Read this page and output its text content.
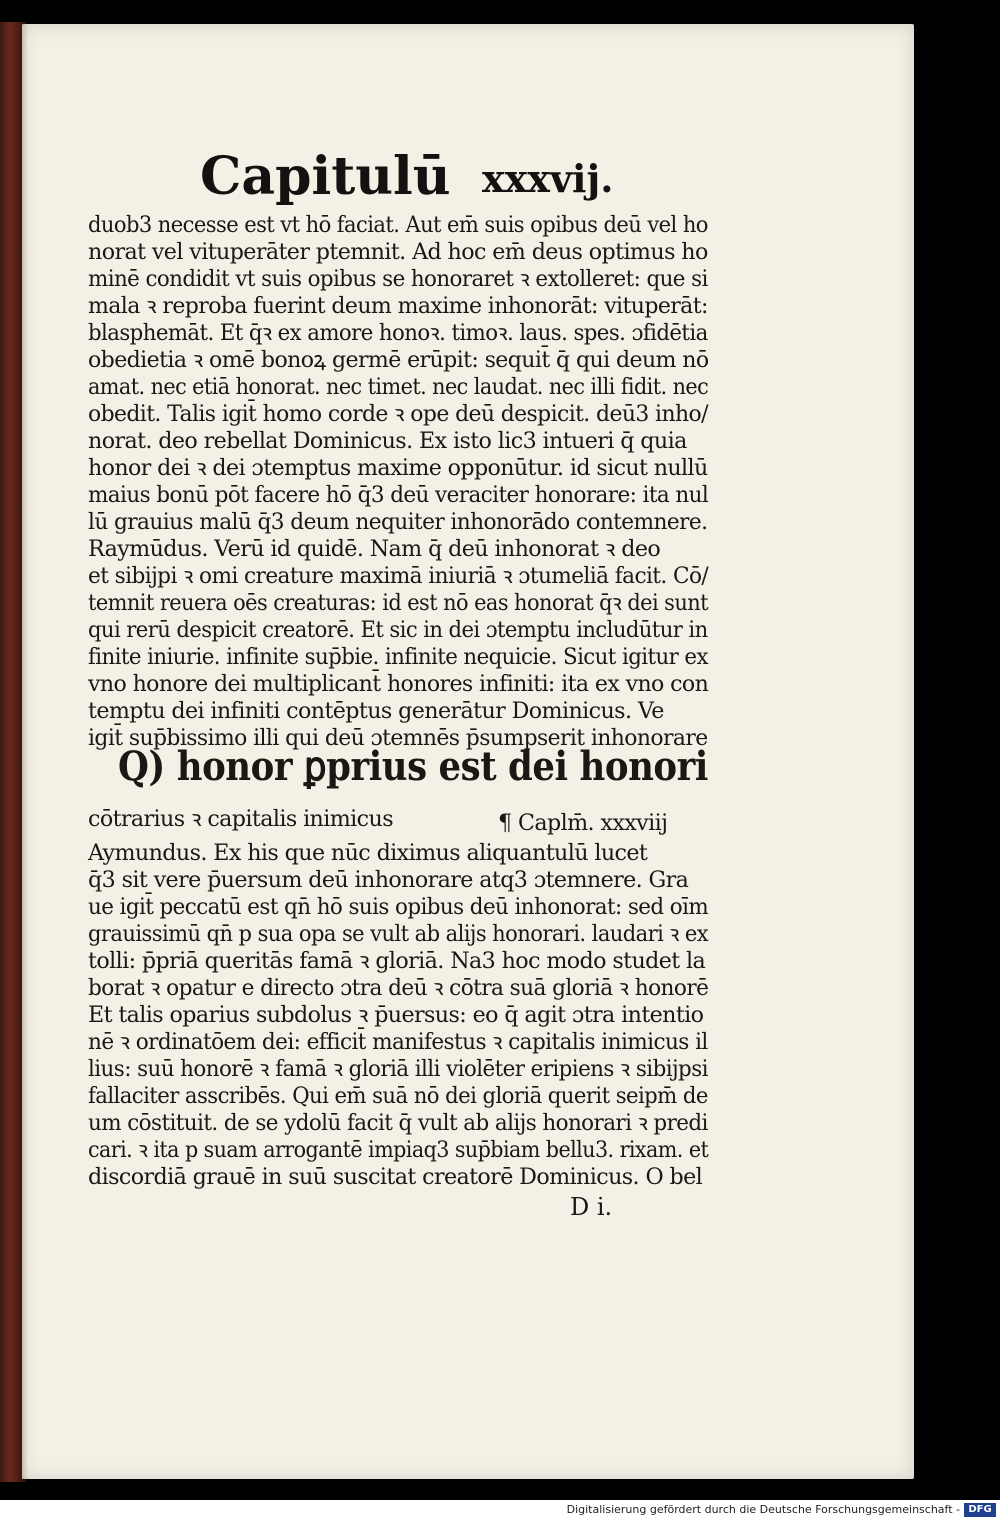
Capitulū xxxvij.
duob3 necesse est vt hō faciat. Aut em̄ suis opibus deū vel ho
norat vel vituperāter ptemnit. Ad hoc em̄ deus optimus ho
minē condidit vt suis opibus se honoraret ꝛ extolleret: que si
mala ꝛ reproba fuerint deum maxime inhonorāt: vituperāt:
blasphemāt. Et q̄ꝛ ex amore honoꝛ. timoꝛ. laus. spes. ɔfidētia
obedietia ꝛ omē bonoꝝ germē erūpit: sequit̄ q̄ qui deum nō
amat. nec etiā honorat. nec timet. nec laudat. nec illi fidit. nec
obedit. Talis igit̄ homo corde ꝛ ope deū despicit. deū3 inho/
norat. deo rebellat Dominicus. Ex isto lic3 intueri q̄ quia
honor dei ꝛ dei ɔtemptus maxime opponūtur. id sicut nullū
maius bonū pōt facere hō q̄3 deū veraciter honorare: ita nul
lū grauius malū q̄3 deum nequiter inhonorādo contemnere.
Raymūdus. Verū id quidē. Nam q̄ deū inhonorat ꝛ deo
et sibijpi ꝛ omi creature maximā iniuriā ꝛ ɔtumeliā facit. Cō/
temnit reuera oēs creaturas: id est nō eas honorat q̄ꝛ dei sunt
qui rerū despicit creatorē. Et sic in dei ɔtemptu includūtur in
finite iniurie. infinite sup̄bie. infinite nequicie. Sicut igitur ex
vno honore dei multiplicant̄ honores infiniti: ita ex vno con
temptu dei infiniti contēptus generātur Dominicus. Ve
igit̄ sup̄bissimo illi qui deū ɔtemnēs p̄sumpserit inhonorare
Q) honor ꝑprius est dei honori
cōtrarius ꝛ capitalis inimicus	¶ Caplm̄. xxxviij
Aymundus. Ex his que nūc diximus aliquantulū lucet
q̄3 sit vere p̄uersum deū inhonorare atq3 ɔtemnere. Gra
ue igit̄ peccatū est qn̄ hō suis opibus deū inhonorat: sed oīm
grauissimū qn̄ p sua opa se vult ab alijs honorari. laudari ꝛ ex
tolli: p̄priā queritās famā ꝛ gloriā. Na3 hoc modo studet la
borat ꝛ opatur e directo ɔtra deū ꝛ cōtra suā gloriā ꝛ honorē
Et talis oparius subdolus ꝛ p̄uersus: eo q̄ agit ɔtra intentio
nē ꝛ ordinatōem dei: efficit̄ manifestus ꝛ capitalis inimicus il
lius: suū honorē ꝛ famā ꝛ gloriā illi violēter eripiens ꝛ sibijpsi
fallaciter asscribēs. Qui em̄ suā nō dei gloriā querit seipm̄ de
um cōstituit. de se ydolū facit q̄ vult ab alijs honorari ꝛ predi
cari. ꝛ ita p suam arrogantē impiaq3 sup̄biam bellu3. rixam. et
discordiā grauē in suū suscitat creatorē Dominicus. O bel
D i.
Digitalisierung gefördert durch die Deutsche Forschungsgemeinschaft - DFG
